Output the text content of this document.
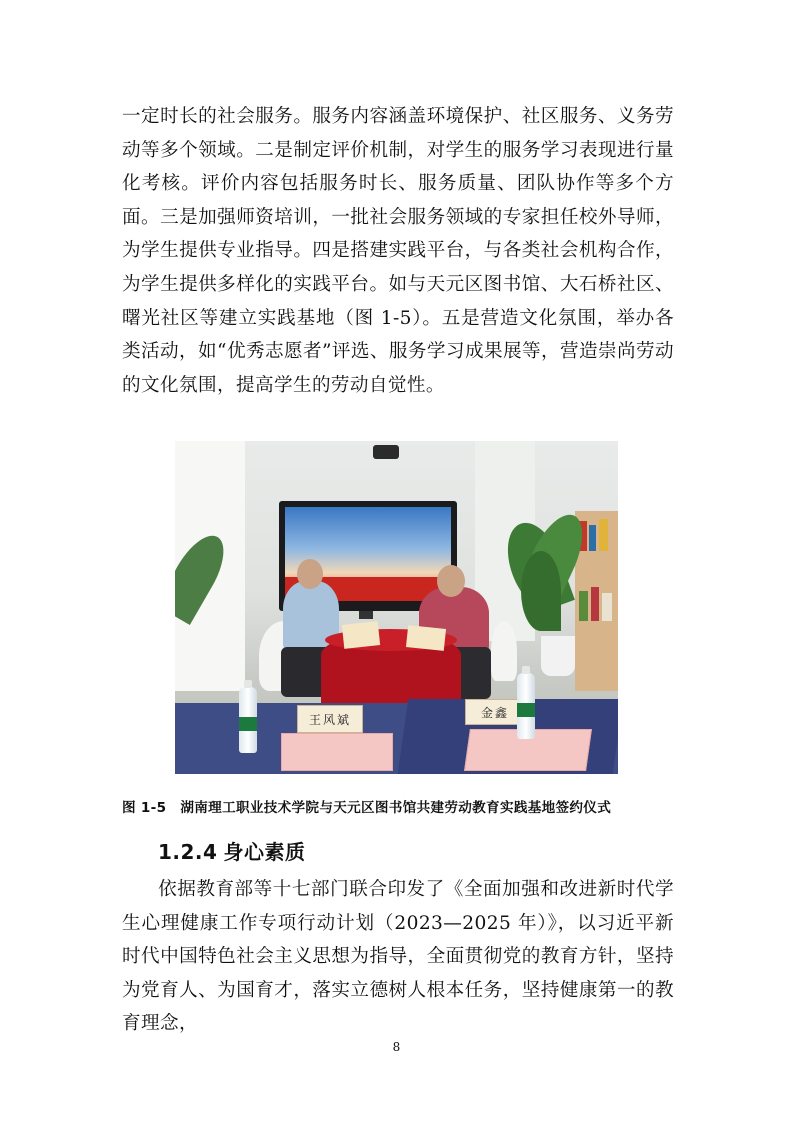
一定时长的社会服务。服务内容涵盖环境保护、社区服务、义务劳动等多个领域。二是制定评价机制，对学生的服务学习表现进行量化考核。评价内容包括服务时长、服务质量、团队协作等多个方面。三是加强师资培训，一批社会服务领域的专家担任校外导师，为学生提供专业指导。四是搭建实践平台，与各类社会机构合作，为学生提供多样化的实践平台。如与天元区图书馆、大石桥社区、曙光社区等建立实践基地（图 1-5）。五是营造文化氛围，举办各类活动，如“优秀志愿者”评选、服务学习成果展等，营造崇尚劳动的文化氛围，提高学生的劳动自觉性。

王风斌	金鑫
图 1-5 湖南理工职业技术学院与天元区图书馆共建劳动教育实践基地签约仪式
1.2.4 身心素质

依据教育部等十七部门联合印发了《全面加强和改进新时代学生心理健康工作专项行动计划（2023—2025 年）》，以习近平新时代中国特色社会主义思想为指导，全面贯彻党的教育方针，坚持为党育人、为国育才，落实立德树人根本任务，坚持健康第一的教育理念，

8
